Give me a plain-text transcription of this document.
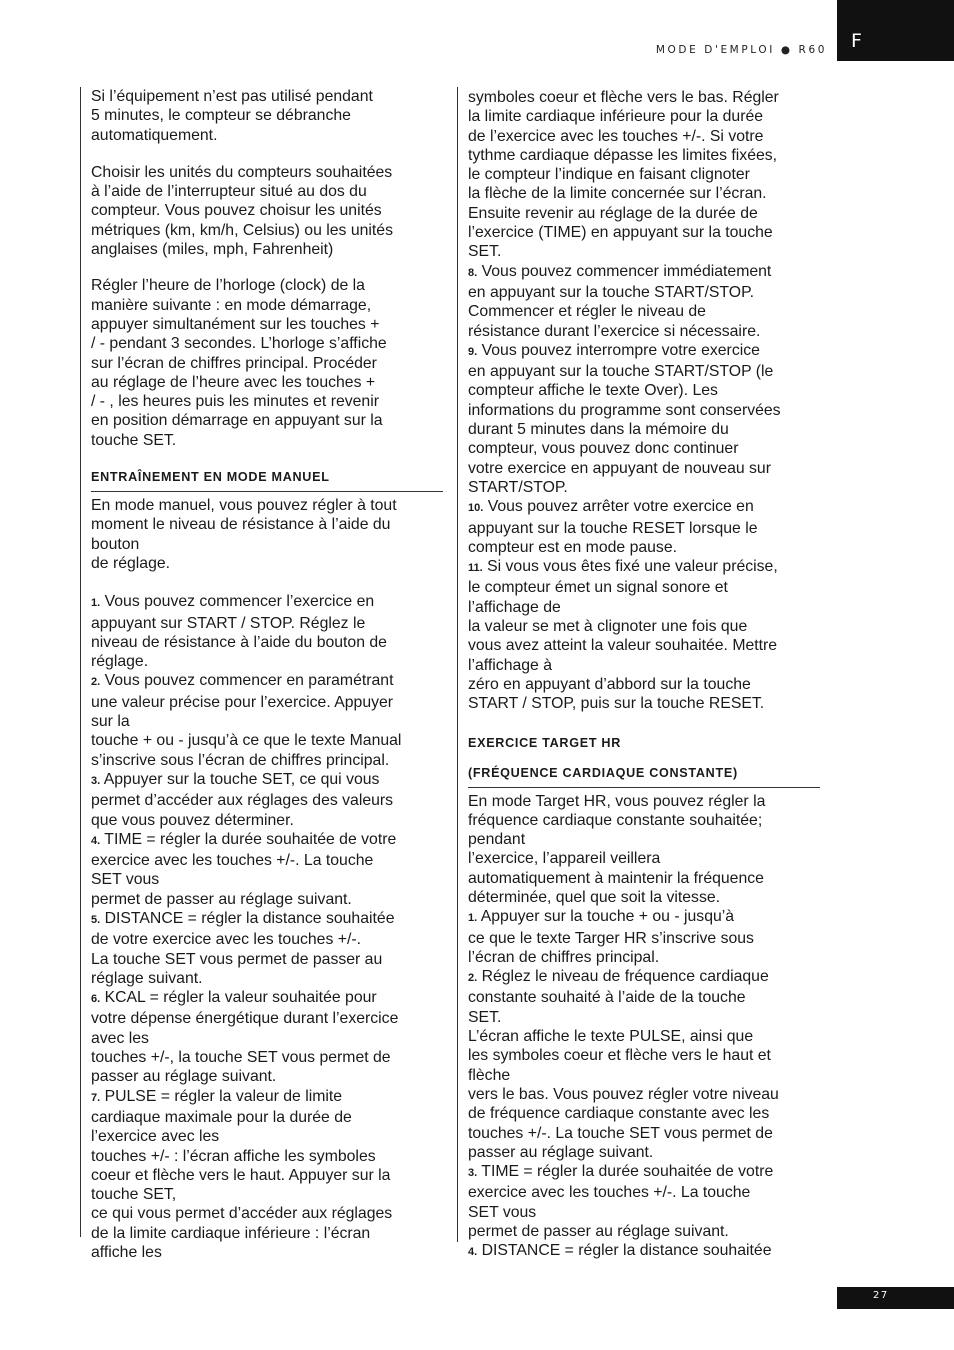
F
MODE D'EMPLOI ● R60

Si l’équipement n’est pas utilisé pendant
5 minutes, le compteur se débranche
automatiquement.

Choisir les unités du compteurs souhaitées
à l’aide de l’interrupteur situé au dos du
compteur. Vous pouvez choisur les unités
métriques (km, km/h, Celsius) ou les unités
anglaises (miles, mph, Fahrenheit)

Régler l’heure de l’horloge (clock) de la
manière suivante : en mode démarrage,
appuyer simultanément sur les touches +
/ - pendant 3 secondes. L’horloge s’affiche
sur l’écran de chiffres principal. Procéder
au réglage de l’heure avec les touches +
/ - , les heures puis les minutes et revenir
en position démarrage en appuyant sur la
touche SET.

ENTRAÎNEMENT EN MODE MANUEL

En mode manuel, vous pouvez régler à tout
moment le niveau de résistance à l’aide du
bouton
de réglage.

1. Vous pouvez commencer l’exercice en
appuyant sur START / STOP. Réglez le
niveau de résistance à l’aide du bouton de
réglage.

2. Vous pouvez commencer en paramétrant
une valeur précise pour l’exercice. Appuyer
sur la
touche + ou - jusqu’à ce que le texte Manual
s’inscrive sous l’écran de chiffres principal.

3. Appuyer sur la touche SET, ce qui vous
permet d’accéder aux réglages des valeurs
que vous pouvez déterminer.

4. TIME = régler la durée souhaitée de votre
exercice avec les touches +/-. La touche
SET vous
permet de passer au réglage suivant.

5. DISTANCE = régler la distance souhaitée
de votre exercice avec les touches +/-.
La touche SET vous permet de passer au
réglage suivant.

6. KCAL = régler la valeur souhaitée pour
votre dépense énergétique durant l’exercice
avec les
touches +/-, la touche SET vous permet de
passer au réglage suivant.

7. PULSE = régler la valeur de limite
cardiaque maximale pour la durée de
l’exercice avec les
touches +/- : l’écran affiche les symboles
coeur et flèche vers le haut. Appuyer sur la
touche SET,
ce qui vous permet d’accéder aux réglages
de la limite cardiaque inférieure : l’écran
affiche les

symboles coeur et flèche vers le bas. Régler
la limite cardiaque inférieure pour la durée
de l’exercice avec les touches +/-. Si votre
tythme cardiaque dépasse les limites fixées,
le compteur l’indique en faisant clignoter
la flèche de la limite concernée sur l’écran.
Ensuite revenir au réglage de la durée de
l’exercice (TIME) en appuyant sur la touche
SET.

8. Vous pouvez commencer immédiatement
en appuyant sur la touche START/STOP.
Commencer et régler le niveau de
résistance durant l’exercice si nécessaire.

9. Vous pouvez interrompre votre exercice
en appuyant sur la touche START/STOP (le
compteur affiche le texte Over). Les
informations du programme sont conservées
durant 5 minutes dans la mémoire du
compteur, vous pouvez donc continuer
votre exercice en appuyant de nouveau sur
START/STOP.

10. Vous pouvez arrêter votre exercice en
appuyant sur la touche RESET lorsque le
compteur est en mode pause.

11. Si vous vous êtes fixé une valeur précise,
le compteur émet un signal sonore et
l’affichage de
la valeur se met à clignoter une fois que
vous avez atteint la valeur souhaitée. Mettre
l’affichage à
zéro en appuyant d’abbord sur la touche
START / STOP, puis sur la touche RESET.

EXERCICE TARGET HR
(FRÉQUENCE CARDIAQUE CONSTANTE)

En mode Target HR, vous pouvez régler la
fréquence cardiaque constante souhaitée;
pendant
l’exercice, l’appareil veillera
automatiquement à maintenir la fréquence
déterminée, quel que soit la vitesse.

1. Appuyer sur la touche + ou - jusqu’à
ce que le texte Targer HR s’inscrive sous
l’écran de chiffres principal.

2. Réglez le niveau de fréquence cardiaque
constante souhaité à l’aide de la touche
SET.
L’écran affiche le texte PULSE, ainsi que
les symboles coeur et flèche vers le haut et
flèche
vers le bas. Vous pouvez régler votre niveau
de fréquence cardiaque constante avec les
touches +/-. La touche SET vous permet de
passer au réglage suivant.

3. TIME = régler la durée souhaitée de votre
exercice avec les touches +/-. La touche
SET vous
permet de passer au réglage suivant.

4. DISTANCE = régler la distance souhaitée

27
